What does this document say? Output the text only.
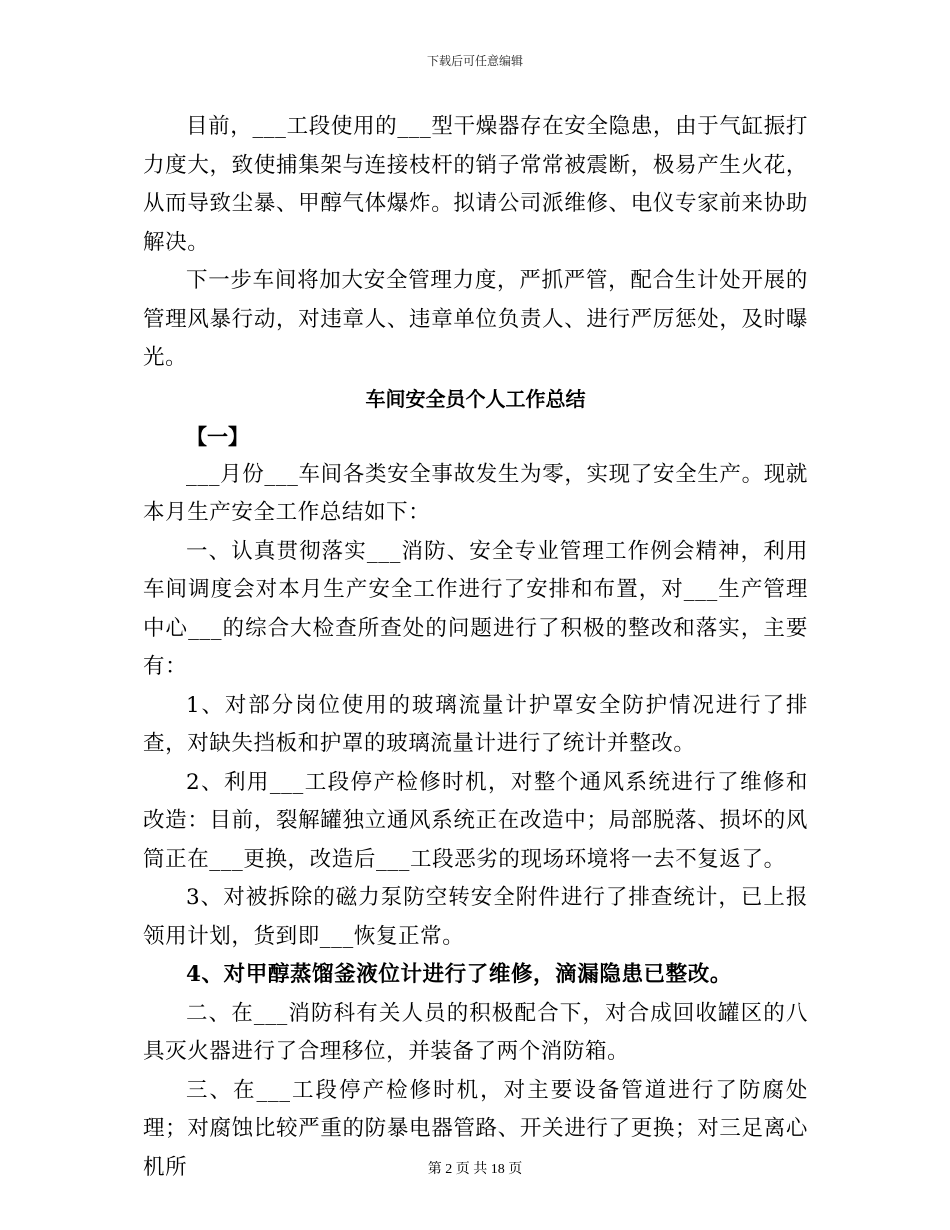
下载后可任意编辑

目前，___工段使用的___型干燥器存在安全隐患，由于气缸振打力度大，致使捕集架与连接枝杆的销子常常被震断，极易产生火花，从而导致尘暴、甲醇气体爆炸。拟请公司派维修、电仪专家前来协助解决。

下一步车间将加大安全管理力度，严抓严管，配合生计处开展的管理风暴行动，对违章人、违章单位负责人、进行严厉惩处，及时曝光。

车间安全员个人工作总结
【一】

___月份___车间各类安全事故发生为零，实现了安全生产。现就本月生产安全工作总结如下：

一、认真贯彻落实___消防、安全专业管理工作例会精神，利用车间调度会对本月生产安全工作进行了安排和布置，对___生产管理中心___的综合大检查所查处的问题进行了积极的整改和落实，主要有：

1、对部分岗位使用的玻璃流量计护罩安全防护情况进行了排查，对缺失挡板和护罩的玻璃流量计进行了统计并整改。

2、利用___工段停产检修时机，对整个通风系统进行了维修和改造：目前，裂解罐独立通风系统正在改造中；局部脱落、损坏的风筒正在___更换，改造后___工段恶劣的现场环境将一去不复返了。

3、对被拆除的磁力泵防空转安全附件进行了排查统计，已上报领用计划，货到即___恢复正常。

4、对甲醇蒸馏釜液位计进行了维修，滴漏隐患已整改。

二、在___消防科有关人员的积极配合下，对合成回收罐区的八具灭火器进行了合理移位，并装备了两个消防箱。

三、在___工段停产检修时机，对主要设备管道进行了防腐处理；对腐蚀比较严重的防暴电器管路、开关进行了更换；对三足离心机所	第 2 页 共 18 页
